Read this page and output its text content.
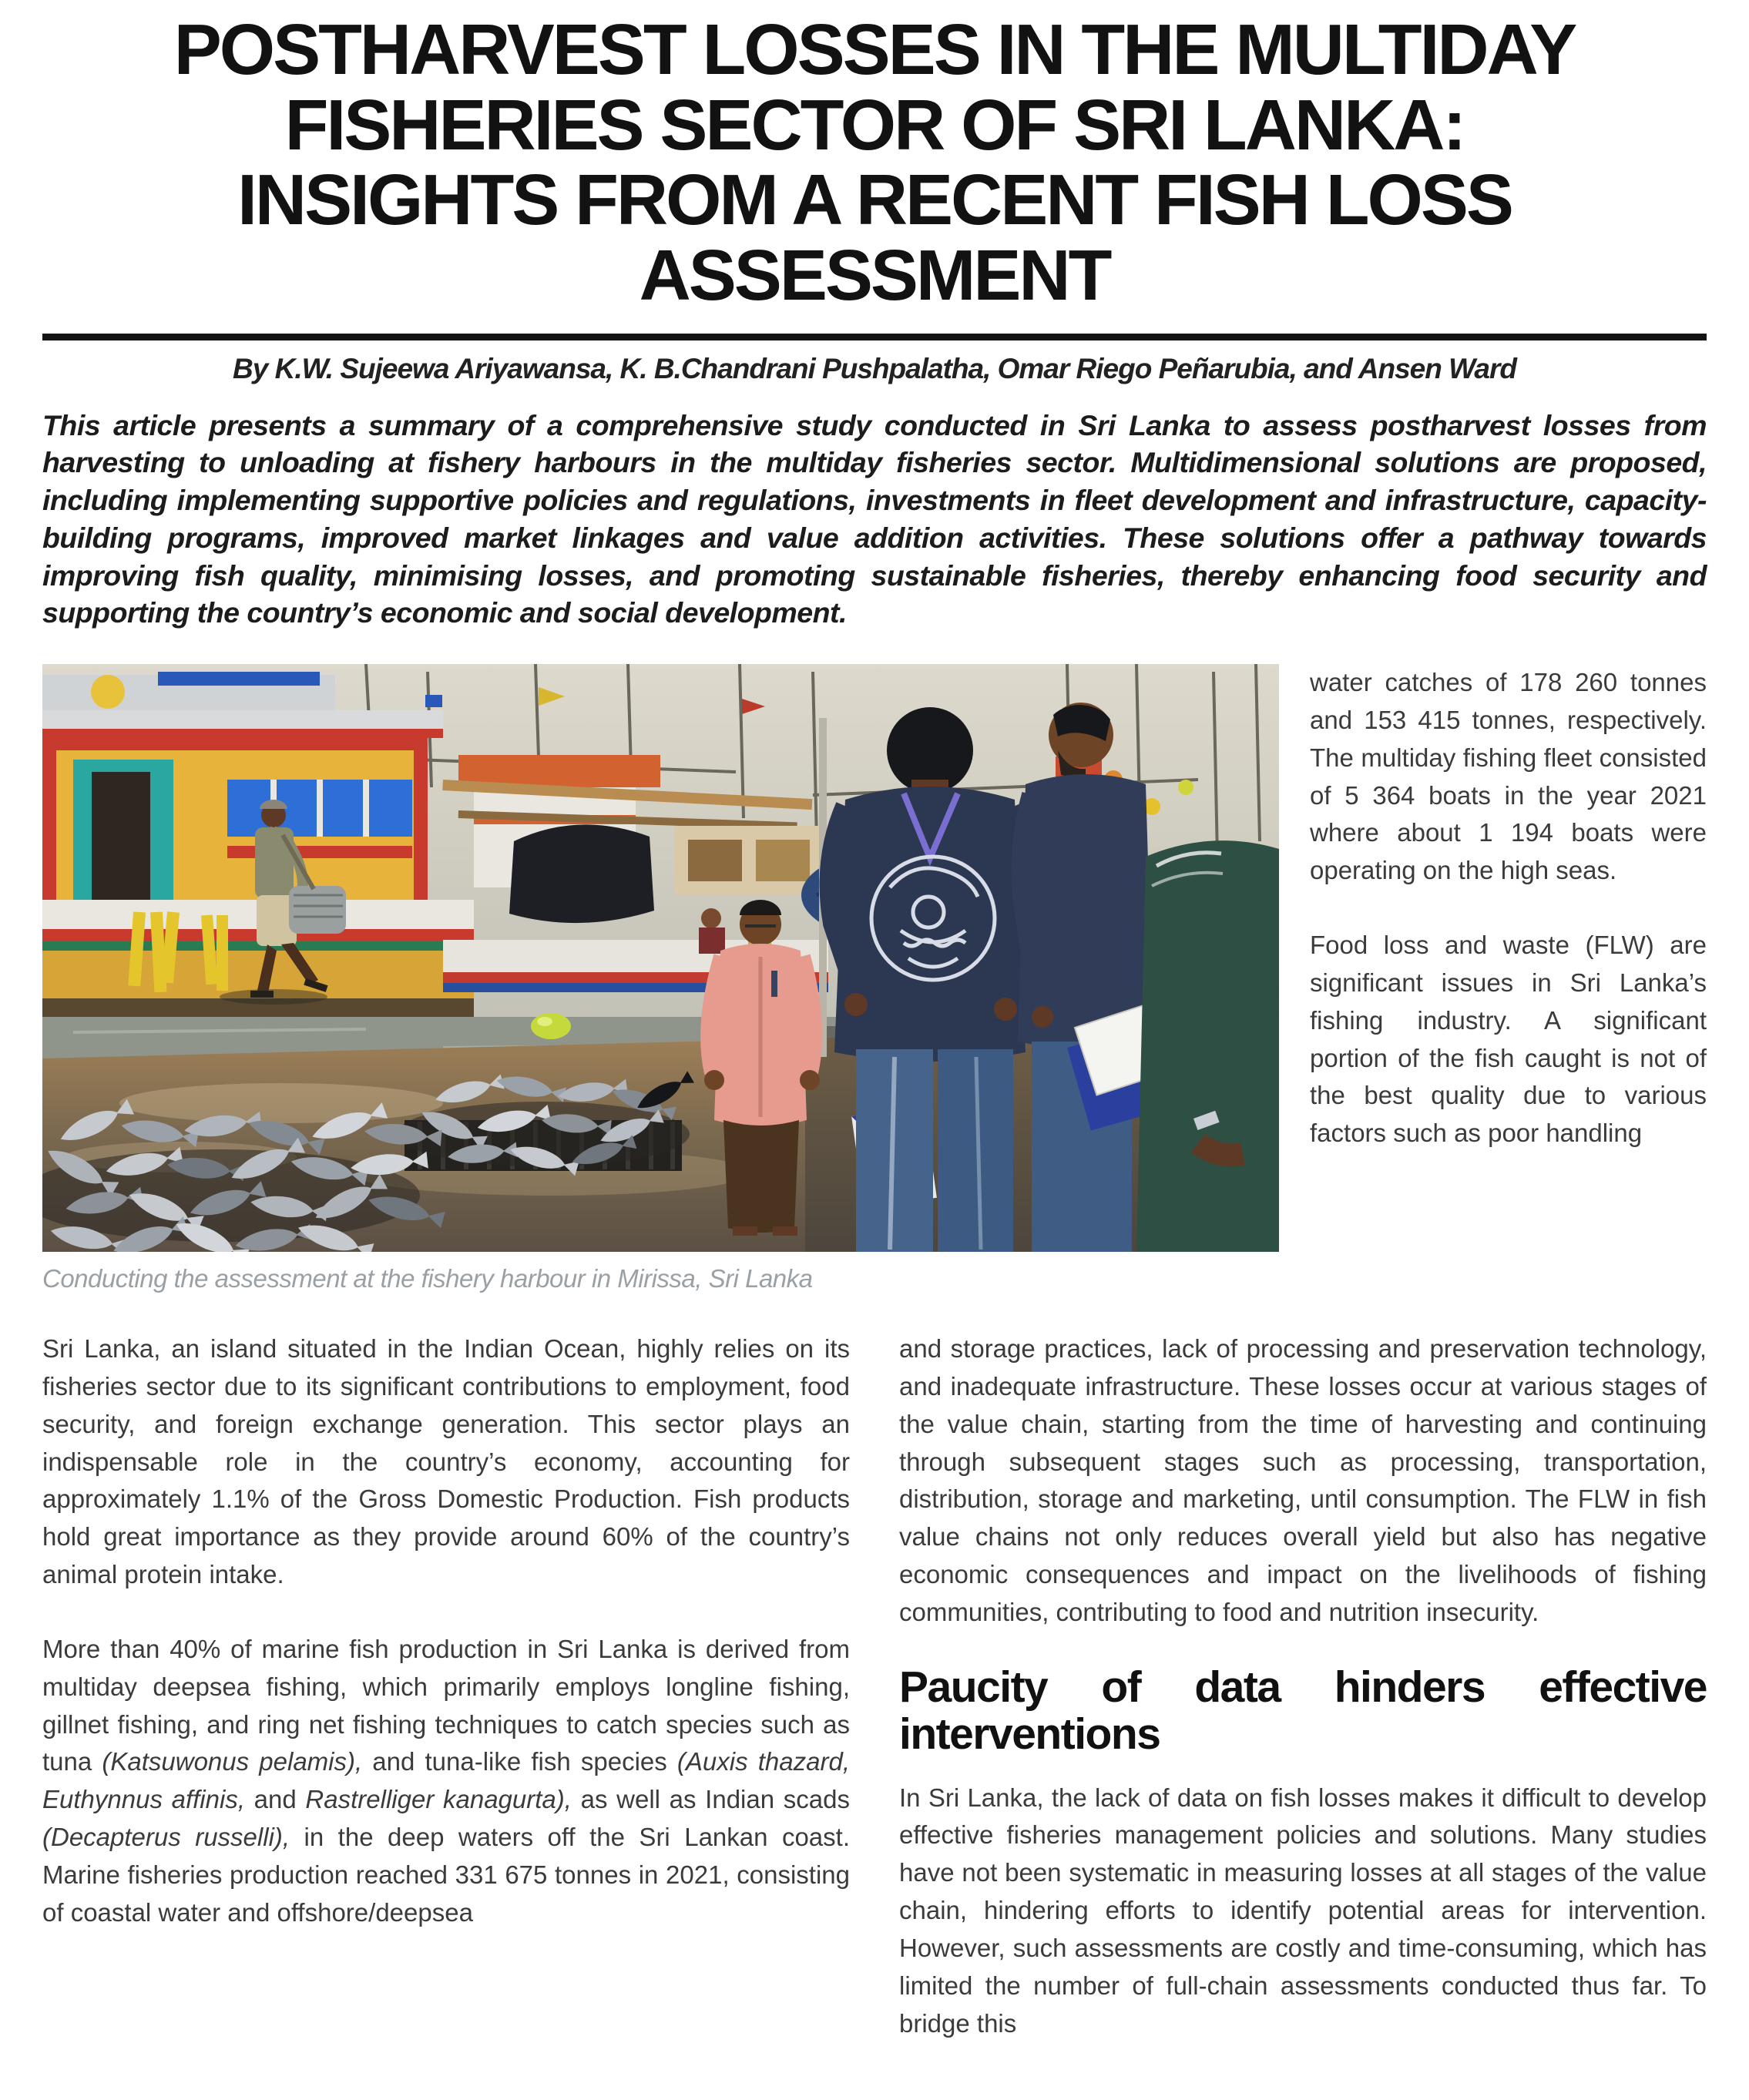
POSTHARVEST LOSSES IN THE MULTIDAY
FISHERIES SECTOR OF SRI LANKA:
INSIGHTS FROM A RECENT FISH LOSS
ASSESSMENT
By K.W. Sujeewa Ariyawansa, K. B.Chandrani Pushpalatha, Omar Riego Peñarubia, and Ansen Ward

This article presents a summary of a comprehensive study conducted in Sri Lanka to assess postharvest losses from harvesting to unloading at fishery harbours in the multiday fisheries sector. Multidimensional solutions are proposed, including implementing supportive policies and regulations, investments in fleet development and infrastructure, capacity-building programs, improved market linkages and value addition activities. These solutions offer a pathway towards improving fish quality, minimising losses, and promoting sustainable fisheries, thereby enhancing food security and supporting the country’s economic and social development.

Conducting the assessment at the fishery harbour in Mirissa, Sri Lanka

water catches of 178 260 tonnes and 153 415 tonnes, respectively. The multiday fishing fleet consisted of 5 364 boats in the year 2021 where about 1 194 boats were operating on the high seas.

Food loss and waste (FLW) are significant issues in Sri Lanka’s fishing industry. A significant portion of the fish caught is not of the best quality due to various factors such as poor handling

Sri Lanka, an island situated in the Indian Ocean, highly relies on its fisheries sector due to its significant contributions to employment, food security, and foreign exchange generation. This sector plays an indispensable role in the country’s economy, accounting for approximately 1.1% of the Gross Domestic Production. Fish products hold great importance as they provide around 60% of the country’s animal protein intake.

More than 40% of marine fish production in Sri Lanka is derived from multiday deepsea fishing, which primarily employs longline fishing, gillnet fishing, and ring net fishing techniques to catch species such as tuna (Katsuwonus pelamis), and tuna-like fish species (Auxis thazard, Euthynnus affinis, and Rastrelliger kanagurta), as well as Indian scads (Decapterus russelli), in the deep waters off the Sri Lankan coast. Marine fisheries production reached 331 675 tonnes in 2021, consisting of coastal water and offshore/deepsea

and storage practices, lack of processing and preservation technology, and inadequate infrastructure. These losses occur at various stages of the value chain, starting from the time of harvesting and continuing through subsequent stages such as processing, transportation, distribution, storage and marketing, until consumption. The FLW in fish value chains not only reduces overall yield but also has negative economic consequences and impact on the livelihoods of fishing communities, contributing to food and nutrition insecurity.

Paucity of data hinders effective interventions

In Sri Lanka, the lack of data on fish losses makes it difficult to develop effective fisheries management policies and solutions. Many studies have not been systematic in measuring losses at all stages of the value chain, hindering efforts to identify potential areas for intervention. However, such assessments are costly and time-consuming, which has limited the number of full-chain assessments conducted thus far. To bridge this
